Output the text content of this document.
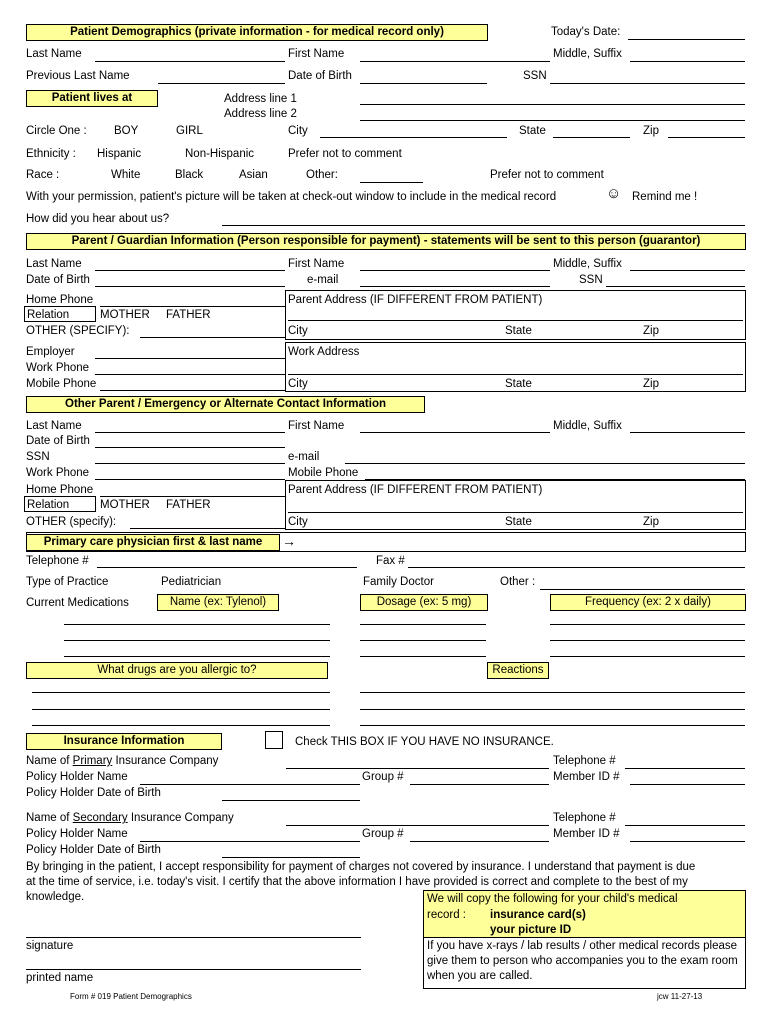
Patient Demographics (private information - for medical record only)	Today's Date:
Last Name	First Name	Middle, Suffix
Previous Last Name	Date of Birth	SSN
Patient lives at	Address line 1
Address line 2
Circle One : BOY	GIRL	City	State	Zip
Ethnicity : Hispanic	Non-Hispanic	Prefer not to comment
Race :	White	Black	Asian	Other:	Prefer not to comment
With your permission, patient's picture will be taken at check-out window to include in the medical record	☺ Remind me !
How did you hear about us?
Parent / Guardian Information (Person responsible for payment) - statements will be sent to this person (guarantor)
Last Name	First Name	Middle, Suffix
Date of Birth	e-mail	SSN
Home Phone	Parent Address (IF DIFFERENT FROM PATIENT)
Relation	MOTHER FATHER
OTHER (SPECIFY):	City	State	Zip
Employer	Work Address
Work Phone
Mobile Phone	City	State	Zip
Other Parent / Emergency or Alternate Contact Information
Last Name	First Name	Middle, Suffix
Date of Birth
SSN	e-mail
Work Phone	Mobile Phone
Home Phone	Parent Address (IF DIFFERENT FROM PATIENT)
Relation	MOTHER FATHER
OTHER (specify):	City	State	Zip
Primary care physician first & last name	→
Telephone #	Fax #
Type of Practice	Pediatrician	Family Doctor	Other :
Current Medications	Name (ex: Tylenol)	Dosage (ex: 5 mg)	Frequency (ex: 2 x daily)
What drugs are you allergic to?	Reactions
Insurance Information	Check THIS BOX IF YOU HAVE NO INSURANCE.
Name of Primary Insurance Company	Telephone #
Policy Holder Name	Group #	Member ID #
Policy Holder Date of Birth
Name of Secondary Insurance Company	Telephone #
Policy Holder Name	Group #	Member ID #
Policy Holder Date of Birth
By bringing in the patient, I accept responsibility for payment of charges not covered by insurance. I understand that payment is due at the time of service, i.e. today's visit. I certify that the above information I have provided is correct and complete to the best of my knowledge.	We will copy the following for your child's medical
record : insurance card(s)
your picture ID
If you have x-rays / lab results / other medical records please give them to person who accompanies you to the exam room when you are called.
signature
printed name
Form # 019 Patient Demographics	jcw 11-27-13
